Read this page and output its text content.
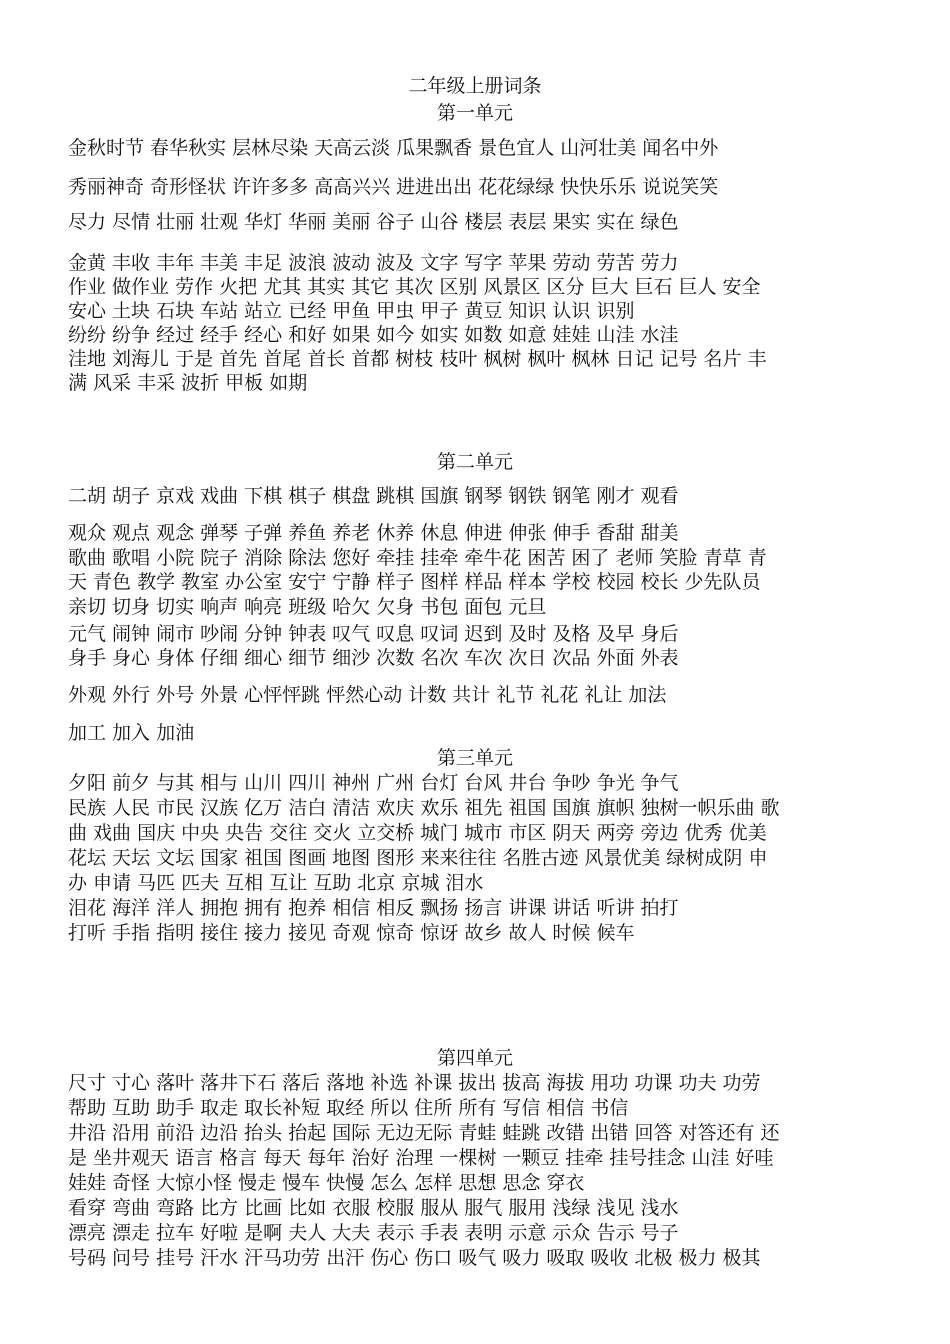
二年级上册词条
第一单元
金秋时节 春华秋实 层林尽染 天高云淡 瓜果飘香 景色宜人 山河壮美 闻名中外
秀丽神奇 奇形怪状 许许多多 高高兴兴 进进出出 花花绿绿 快快乐乐 说说笑笑
尽力 尽情 壮丽 壮观 华灯 华丽 美丽 谷子 山谷 楼层 表层 果实 实在 绿色
金黄 丰收 丰年 丰美 丰足 波浪 波动 波及 文字 写字 苹果 劳动 劳苦 劳力
作业 做作业 劳作 火把 尤其 其实 其它 其次 区别 风景区 区分 巨大 巨石 巨人 安全
安心 土块 石块 车站 站立 已经 甲鱼 甲虫 甲子 黄豆 知识 认识 识别
纷纷 纷争 经过 经手 经心 和好 如果 如今 如实 如数 如意 娃娃 山洼 水洼
洼地 刘海儿 于是 首先 首尾 首长 首都 树枝 枝叶 枫树 枫叶 枫林 日记 记号 名片 丰
满 风采 丰采 波折 甲板 如期
第二单元
二胡 胡子 京戏 戏曲 下棋 棋子 棋盘 跳棋 国旗 钢琴 钢铁 钢笔 刚才 观看
观众 观点 观念 弹琴 子弹 养鱼 养老 休养 休息 伸进 伸张 伸手 香甜 甜美
歌曲 歌唱 小院 院子 消除 除法 您好 牵挂 挂牵 牵牛花 困苦 困了 老师 笑脸 青草 青
天 青色 教学 教室 办公室 安宁 宁静 样子 图样 样品 样本 学校 校园 校长 少先队员
亲切 切身 切实 响声 响亮 班级 哈欠 欠身 书包 面包 元旦
元气 闹钟 闹市 吵闹 分钟 钟表 叹气 叹息 叹词 迟到 及时 及格 及早 身后
身手 身心 身体 仔细 细心 细节 细沙 次数 名次 车次 次日 次品 外面 外表
外观 外行 外号 外景 心怦怦跳 怦然心动 计数 共计 礼节 礼花 礼让 加法
加工 加入 加油
第三单元
夕阳 前夕 与其 相与 山川 四川 神州 广州 台灯 台风 井台 争吵 争光 争气
民族 人民 市民 汉族 亿万 洁白 清洁 欢庆 欢乐 祖先 祖国 国旗 旗帜 独树一帜乐曲 歌
曲 戏曲 国庆 中央 央告 交往 交火 立交桥 城门 城市 市区 阴天 两旁 旁边 优秀 优美
花坛 天坛 文坛 国家 祖国 图画 地图 图形 来来往往 名胜古迹 风景优美 绿树成阴 申
办 申请 马匹 匹夫 互相 互让 互助 北京 京城 泪水
泪花 海洋 洋人 拥抱 拥有 抱养 相信 相反 飘扬 扬言 讲课 讲话 听讲 拍打
打听 手指 指明 接住 接力 接见 奇观 惊奇 惊讶 故乡 故人 时候 候车
第四单元
尺寸 寸心 落叶 落井下石 落后 落地 补选 补课 拔出 拔高 海拔 用功 功课 功夫 功劳
帮助 互助 助手 取走 取长补短 取经 所以 住所 所有 写信 相信 书信
井沿 沿用 前沿 边沿 抬头 抬起 国际 无边无际 青蛙 蛙跳 改错 出错 回答 对答还有 还
是 坐井观天 语言 格言 每天 每年 治好 治理 一棵树 一颗豆 挂牵 挂号挂念 山洼 好哇
娃娃 奇怪 大惊小怪 慢走 慢车 快慢 怎么 怎样 思想 思念 穿衣
看穿 弯曲 弯路 比方 比画 比如 衣服 校服 服从 服气 服用 浅绿 浅见 浅水
漂亮 漂走 拉车 好啦 是啊 夫人 大夫 表示 手表 表明 示意 示众 告示 号子
号码 问号 挂号 汗水 汗马功劳 出汗 伤心 伤口 吸气 吸力 吸取 吸收 北极 极力 极其
